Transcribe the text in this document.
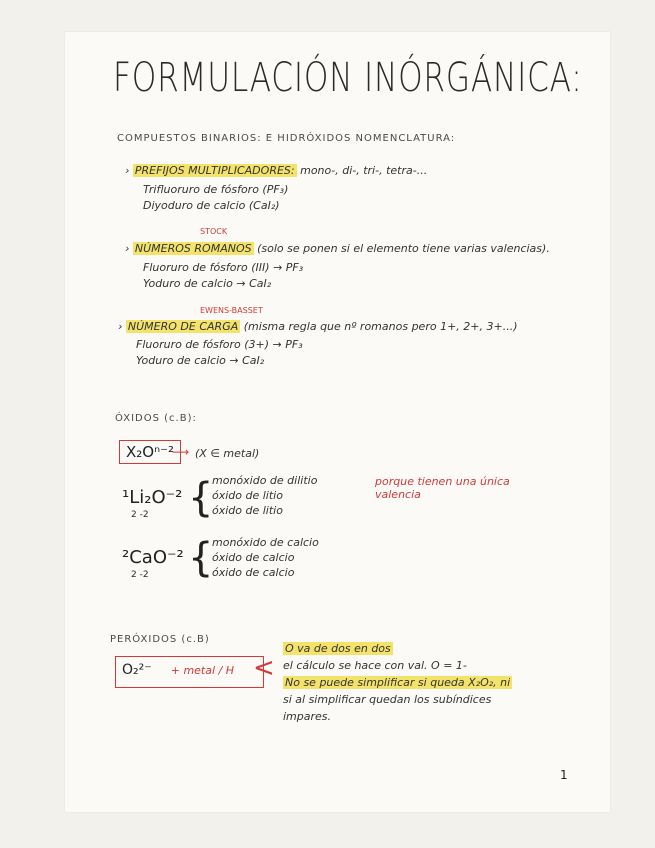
FORMULACIÓN INÓRGÁNICA:
COMPUESTOS BINARIOS: E HIDRÓXIDOS NOMENCLATURA:
› PREFIJOS MULTIPLICADORES: mono-, di-, tri-, tetra-...
Trifluoruro de fósforo (PF₃)
Diyoduro de calcio (CaI₂)
STOCK
› NÚMEROS ROMANOS (solo se ponen si el elemento tiene varias valencias).
Fluoruro de fósforo (III) → PF₃
Yoduro de calcio → CaI₂
EWENS-BASSET
› NÚMERO DE CARGA (misma regla que nº romanos pero 1+, 2+, 3+...)
Fluoruro de fósforo (3+) → PF₃
Yoduro de calcio → CaI₂
ÓXIDOS (c.B):
X₂Oⁿ⁻²
⟶ (X ∈ metal)
¹Li₂O⁻²
2 -2 {
monóxido de dilitio
óxido de litio
óxido de litio
porque tienen una única valencia
²CaO⁻²
2 -2 {
monóxido de calcio
óxido de calcio
óxido de calcio
PERÓXIDOS (c.B)
O₂²⁻ + metal / H <
O va de dos en dos
el cálculo se hace con val. O = 1-
No se puede simplificar si queda X₂O₂, ni
si al simplificar quedan los subíndices
impares.
1
